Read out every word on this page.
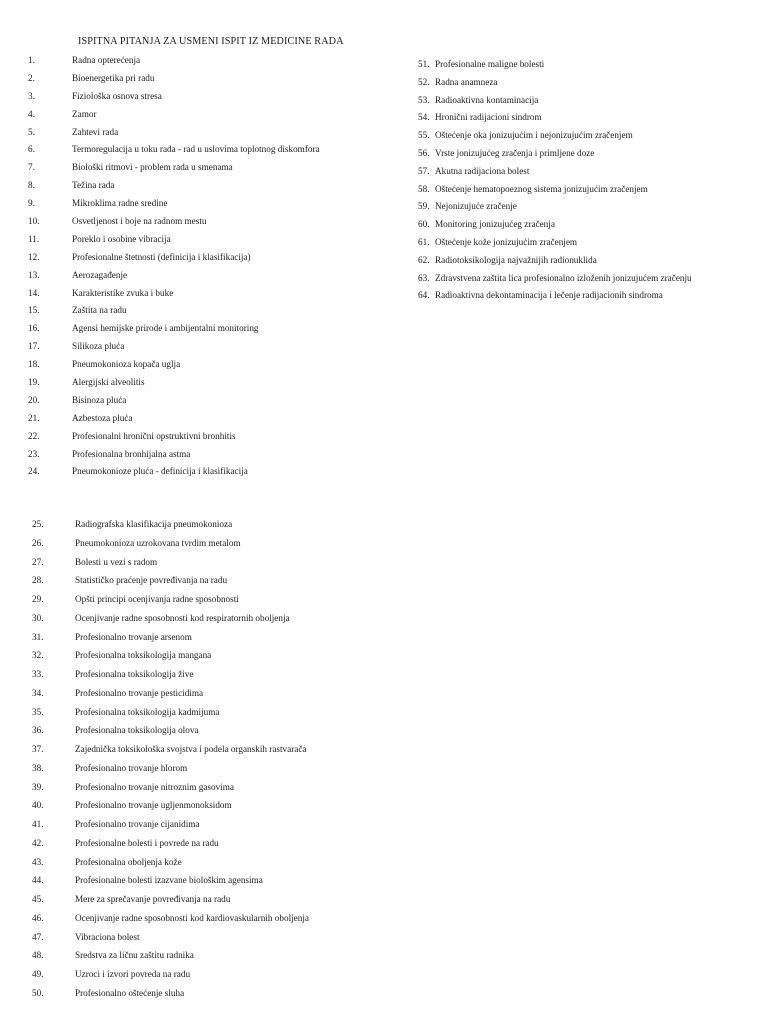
ISPITNA PITANJA ZA USMENI ISPIT IZ MEDICINE RADA
1.	Radna opterećenja
2.	Bioenergetika pri radu
3.	Fiziološka osnova stresa
4.	Zamor
5.	Zahtevi rada
6.	Termoregulacija u toku rada - rad u uslovima toplotnog diskomfora
7.	Biološki ritmovi - problem rada u smenama
8.	Težina rada
9.	Mikroklima radne sredine
10.	Osvetljenost i boje na radnom mestu
11.	Poreklo i osobine vibracija
12.	Profesionalne štetnosti (definicija i klasifikacija)
13.	Aerozagađenje
14.	Karakteristike zvuka i buke
15.	Zaštita na radu
16.	Agensi hemijske prirode i ambijentalni monitoring
17.	Silikoza pluća
18.	Pneumokonioza kopača uglja
19.	Alergijski alveolitis
20.	Bisinoza pluća
21.	Azbestoza pluća
22.	Profesionalni hronični opstruktivni bronhitis
23.	Profesionalna bronhijalna astma
24.	Pneumokonioze pluća - definicija i klasifikacija
25.	Radiografska klasifikacija pneumokonioza
26.	Pneumokonioza uzrokovana tvrdim metalom
27.	Bolesti u vezi s radom
28.	Statističko praćenje povređivanja na radu
29.	Opšti principi ocenjivanja radne sposobnosti
30.	Ocenjivanje radne sposobnosti kod respiratornih oboljenja
31.	Profesionalno trovanje arsenom
32.	Profesionalna toksikologija mangana
33.	Profesionalna toksikologija žive
34.	Profesionalno trovanje pesticidima
35.	Profesionalna toksikologija kadmijuma
36.	Profesionalna toksikologija olova
37.	Zajednička toksikološka svojstva i podela organskih rastvarača
38.	Profesionalno trovanje hlorom
39.	Profesionalno trovanje nitroznim gasovima
40.	Profesionalno trovanje ugljenmonoksidom
41.	Profesionalno trovanje cijanidima
42.	Profesionalne bolesti i povrede na radu
43.	Profesionalna oboljenja kože
44.	Profesionalne bolesti izazvane biološkim agensima
45.	Mere za sprečavanje povređivanja na radu
46.	Ocenjivanje radne sposobnosti kod kardiovaskularnih oboljenja
47.	Vibraciona bolest
48.	Sredstva za ličnu zaštitu radnika
49.	Uzroci i izvori povreda na radu
50.	Profesionalno oštećenje sluha
51. Profesionalne maligne bolesti
52. Radna anamneza
53. Radioaktivna kontaminacija
54. Hronični radijacioni sindrom
55. Oštećenje oka jonizujućim i nejonizujućim zračenjem
56. Vrste jonizujućeg zračenja i primljene doze
57. Akutna radijaciona bolest
58. Oštećenje hematopoeznog sistema jonizujućim zračenjem
59. Nejonizujuće zračenje
60. Monitoring jonizujućeg zračenja
61. Oštećenje kože jonizujućim zračenjem
62. Radiotoksikologija najvažnijih radionuklida
63. Zdravstvena zaštita lica profesionalno izloženih jonizujućem zračenju
64. Radioaktivna dekontaminacija i lečenje radijacionih sindroma
